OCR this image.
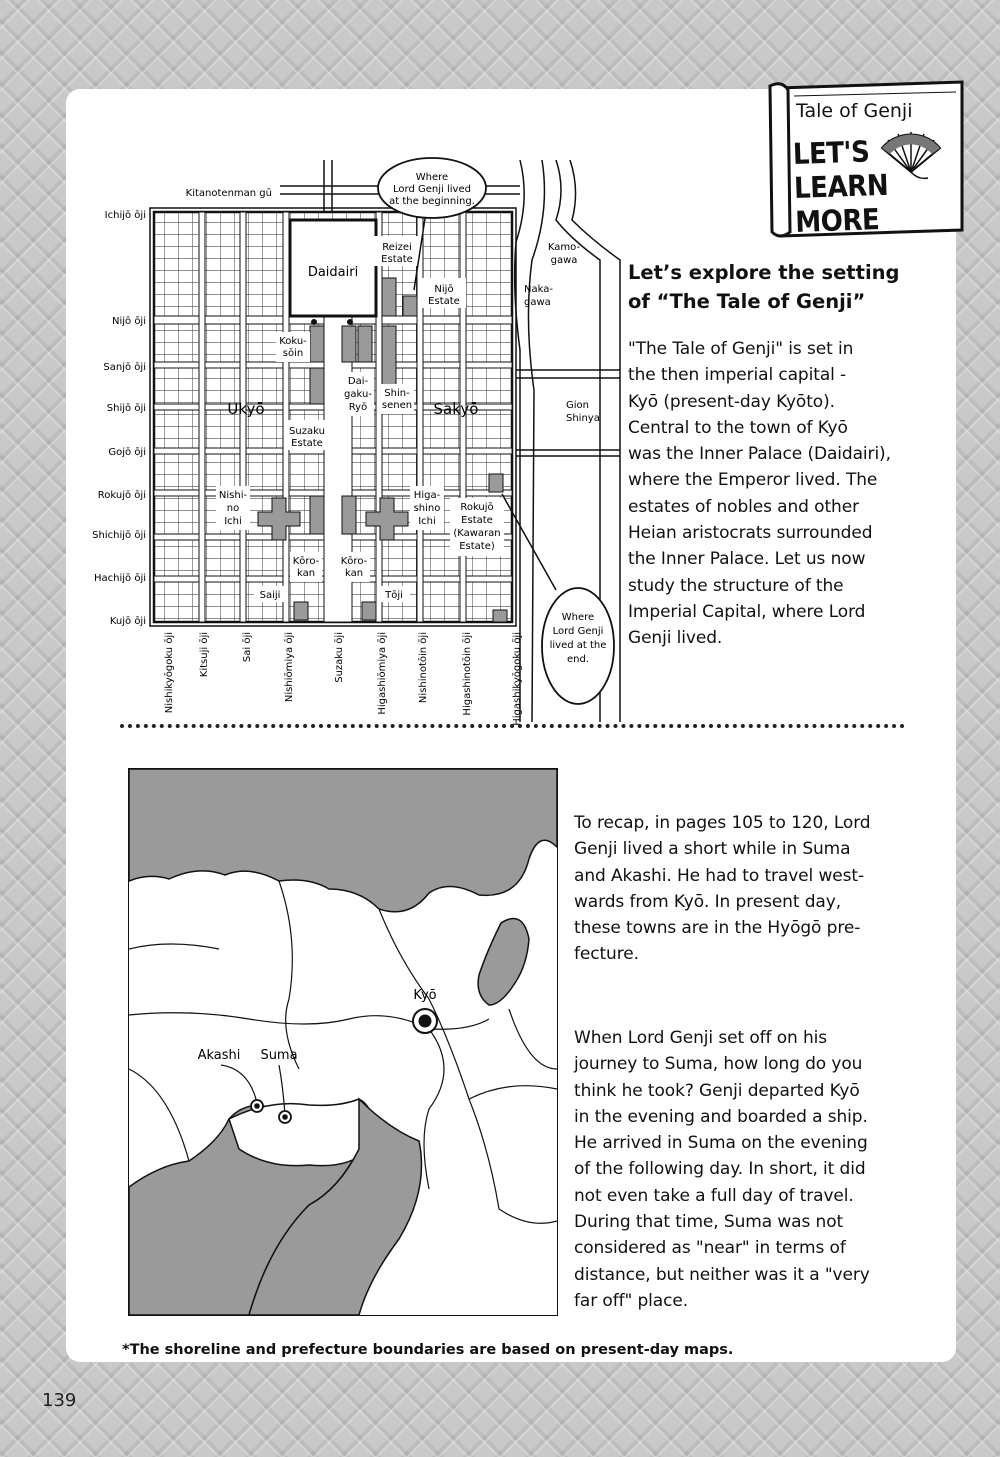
Tale of Genji
LET'S
LEARN MORE
Daidairi
Kitanotenman gū
Ukyō	Sakyō
Kamo-gawa
Naka-gawa
Gion Shinya
Reizei Estate
Nijō Estate
Koku-sōin
Dai-gaku-Ryō
Shin-senen
Suzaku Estate
Nishi-no Ichi
Higa-shino Ichi
Rokujō Estate (Kawaran Estate)
Kōro-kan
Kōro-kan
Saiji	Tōji
Where Lord Genji lived at the beginning.
Where Lord Genji lived at the end.
Ichijō ōji
Nijō ōji
Sanjō ōji
Shijō ōji
Gojō ōji
Rokujō ōji
Shichijō ōji
Hachijō ōji
Kujō ōji
Nishikyōgoku ōji Kitsuji ōji	Sai ōji	Nishiōmiya ōji	Suzaku ōji	Higashiōmiya ōji	Nishinotōin ōji	Higashinotōin ōji	Higashikyōgoku ōji
Let’s explore the setting
of “The Tale of Genji”
"The Tale of Genji" is set in
the then imperial capital -
Kyō (present-day Kyōto).
Central to the town of Kyō
was the Inner Palace (Daidairi),
where the Emperor lived. The
estates of nobles and other
Heian aristocrats surrounded
the Inner Palace. Let us now
study the structure of the
Imperial Capital, where Lord
Genji lived.
Kyō
Akashi Suma
To recap, in pages 105 to 120, Lord
Genji lived a short while in Suma
and Akashi. He had to travel west-
wards from Kyō. In present day,
these towns are in the Hyōgō pre-
fecture.
When Lord Genji set off on his
journey to Suma, how long do you
think he took? Genji departed Kyō
in the evening and boarded a ship.
He arrived in Suma on the evening
of the following day. In short, it did
not even take a full day of travel.
During that time, Suma was not
considered as "near" in terms of
distance, but neither was it a "very
far off" place.
*The shoreline and prefecture boundaries are based on present-day maps.
139
